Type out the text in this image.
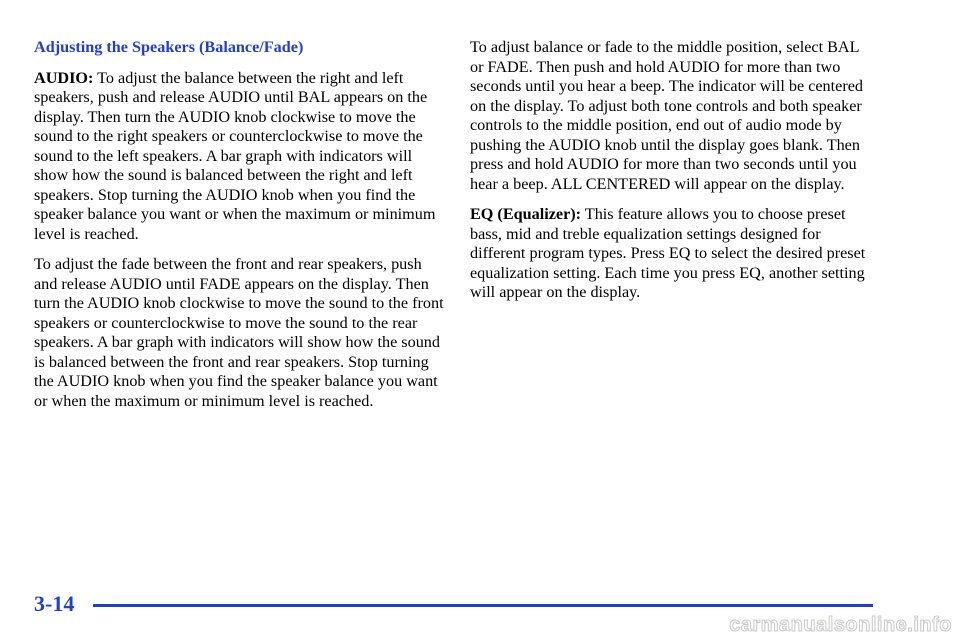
Adjusting the Speakers (Balance/Fade)

AUDIO: To adjust the balance between the right and left speakers, push and release AUDIO until BAL appears on the display. Then turn the AUDIO knob clockwise to move the sound to the right speakers or counterclockwise to move the sound to the left speakers. A bar graph with indicators will show how the sound is balanced between the right and left speakers. Stop turning the AUDIO knob when you find the speaker balance you want or when the maximum or minimum level is reached.

To adjust the fade between the front and rear speakers, push and release AUDIO until FADE appears on the display. Then turn the AUDIO knob clockwise to move the sound to the front speakers or counterclockwise to move the sound to the rear speakers. A bar graph with indicators will show how the sound is balanced between the front and rear speakers. Stop turning the AUDIO knob when you find the speaker balance you want or when the maximum or minimum level is reached.

To adjust balance or fade to the middle position, select BAL or FADE. Then push and hold AUDIO for more than two seconds until you hear a beep. The indicator will be centered on the display. To adjust both tone controls and both speaker controls to the middle position, end out of audio mode by pushing the AUDIO knob until the display goes blank. Then press and hold AUDIO for more than two seconds until you hear a beep. ALL CENTERED will appear on the display.

EQ (Equalizer): This feature allows you to choose preset bass, mid and treble equalization settings designed for different program types. Press EQ to select the desired preset equalization setting. Each time you press EQ, another setting will appear on the display.

3-14
carmanualsonline.info
